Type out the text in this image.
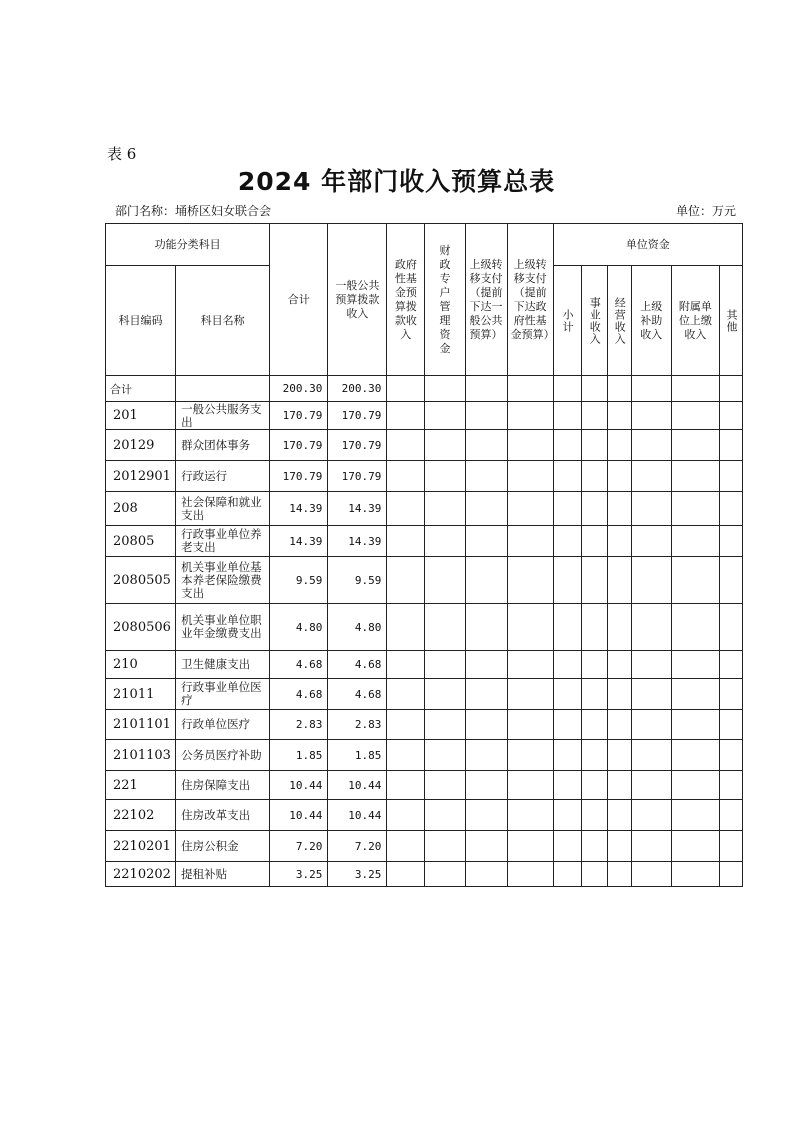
表 6
2024 年部门收入预算总表
部门名称：埇桥区妇女联合会	单位：万元
功能分类科目		合计	一般公共预算拨款收入	政府性基金预算拨款收入	财政专户管理资金	上级转移支付（提前下达一般公共预算）	上级转移支付（提前下达政府性基金预算）	单位资金					
科目编码	科目名称							小计	事业收入	经营收入	上级补助收入	附属单位上缴收入	其他
合计		200.30	200.30										
201	一般公共服务支出	170.79	170.79										
20129	群众团体事务	170.79	170.79										
2012901	行政运行	170.79	170.79										
208	社会保障和就业支出	14.39	14.39										
20805	行政事业单位养老支出	14.39	14.39										
2080505	机关事业单位基本养老保险缴费支出	9.59	9.59										
2080506	机关事业单位职业年金缴费支出	4.80	4.80										
210	卫生健康支出	4.68	4.68										
21011	行政事业单位医疗	4.68	4.68										
2101101	行政单位医疗	2.83	2.83										
2101103	公务员医疗补助	1.85	1.85										
221	住房保障支出	10.44	10.44										
22102	住房改革支出	10.44	10.44										
2210201	住房公积金	7.20	7.20										
2210202	提租补贴	3.25	3.25										
